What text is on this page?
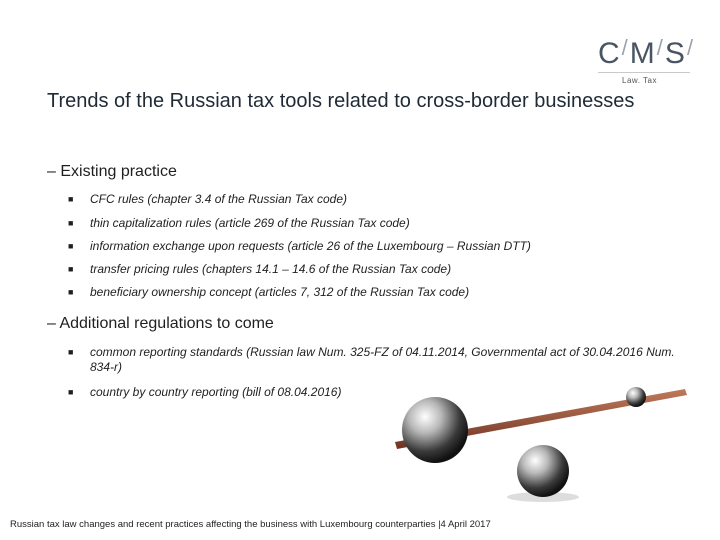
C/M/S/
Law. Tax
Trends of the Russian tax tools related to cross-border businesses
– Existing practice
■ CFC rules (chapter 3.4 of the Russian Tax code)
■ thin capitalization rules (article 269 of the Russian Tax code)
■ information exchange upon requests (article 26 of the Luxembourg – Russian DTT)
■ transfer pricing rules (chapters 14.1 – 14.6 of the Russian Tax code)
■ beneficiary ownership concept (articles 7, 312 of the Russian Tax code)
– Additional regulations to come
■ common reporting standards (Russian law Num. 325-FZ of 04.11.2014, Governmental act of 30.04.2016 Num. 834-r)
■ country by country reporting (bill of 08.04.2016)
Russian tax law changes and recent practices affecting the business with Luxembourg counterparties |4 April 2017
